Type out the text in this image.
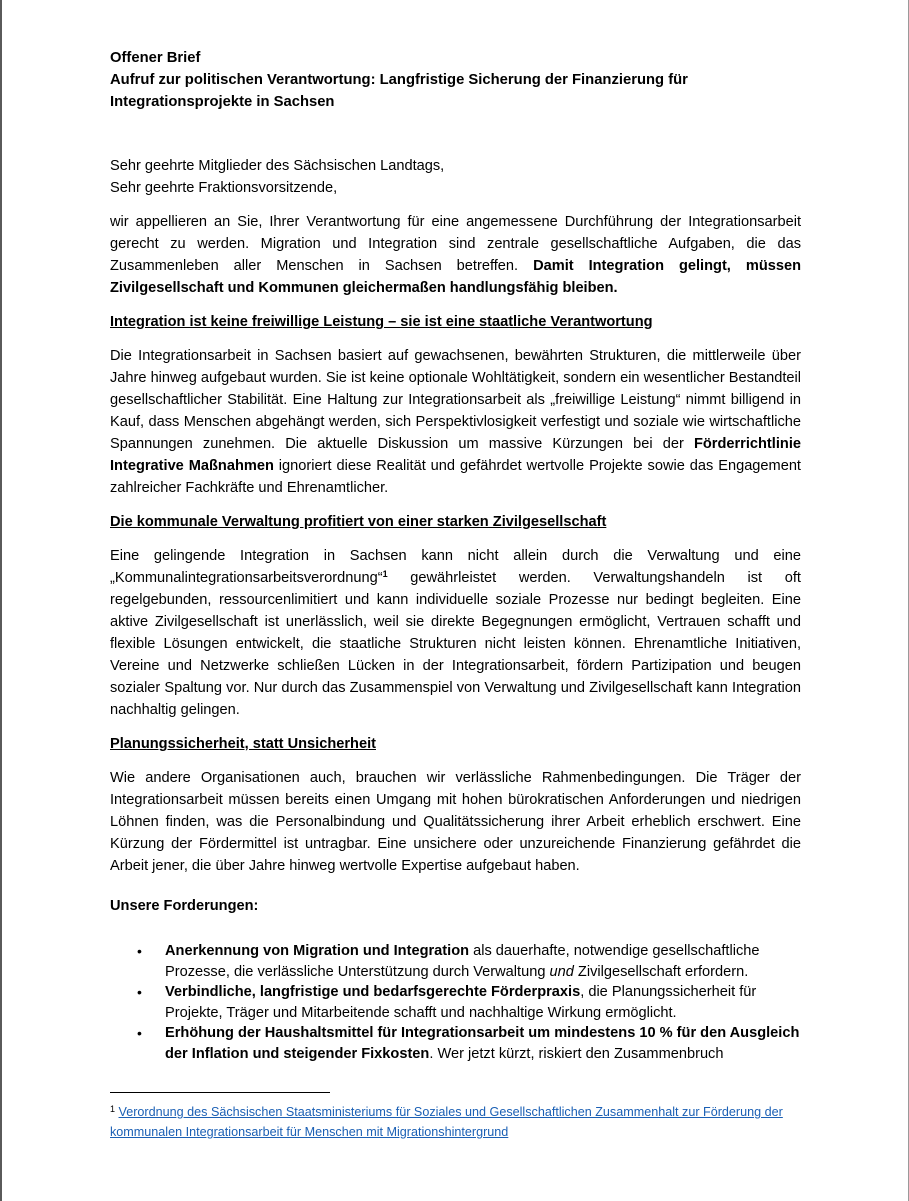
Offener Brief
Aufruf zur politischen Verantwortung: Langfristige Sicherung der Finanzierung für
Integrationsprojekte in Sachsen
Sehr geehrte Mitglieder des Sächsischen Landtags,
Sehr geehrte Fraktionsvorsitzende,

wir appellieren an Sie, Ihrer Verantwortung für eine angemessene Durchführung der Integrationsarbeit gerecht zu werden. Migration und Integration sind zentrale gesellschaftliche Aufgaben, die das Zusammenleben aller Menschen in Sachsen betreffen. Damit Integration gelingt, müssen Zivilgesellschaft und Kommunen gleichermaßen handlungsfähig bleiben.

Integration ist keine freiwillige Leistung – sie ist eine staatliche Verantwortung

Die Integrationsarbeit in Sachsen basiert auf gewachsenen, bewährten Strukturen, die mittlerweile über Jahre hinweg aufgebaut wurden. Sie ist keine optionale Wohltätigkeit, sondern ein wesentlicher Bestandteil gesellschaftlicher Stabilität. Eine Haltung zur Integrationsarbeit als „freiwillige Leistung“ nimmt billigend in Kauf, dass Menschen abgehängt werden, sich Perspektivlosigkeit verfestigt und soziale wie wirtschaftliche Spannungen zunehmen. Die aktuelle Diskussion um massive Kürzungen bei der Förderrichtlinie Integrative Maßnahmen ignoriert diese Realität und gefährdet wertvolle Projekte sowie das Engagement zahlreicher Fachkräfte und Ehrenamtlicher.

Die kommunale Verwaltung profitiert von einer starken Zivilgesellschaft

Eine gelingende Integration in Sachsen kann nicht allein durch die Verwaltung und eine „Kommunalintegrationsarbeitsverordnung“$^1$ gewährleistet werden. Verwaltungshandeln ist oft regelgebunden, ressourcenlimitiert und kann individuelle soziale Prozesse nur bedingt begleiten. Eine aktive Zivilgesellschaft ist unerlässlich, weil sie direkte Begegnungen ermöglicht, Vertrauen schafft und flexible Lösungen entwickelt, die staatliche Strukturen nicht leisten können. Ehrenamtliche Initiativen, Vereine und Netzwerke schließen Lücken in der Integrationsarbeit, fördern Partizipation und beugen sozialer Spaltung vor. Nur durch das Zusammenspiel von Verwaltung und Zivilgesellschaft kann Integration nachhaltig gelingen.

Planungssicherheit, statt Unsicherheit

Wie andere Organisationen auch, brauchen wir verlässliche Rahmenbedingungen. Die Träger der Integrationsarbeit müssen bereits einen Umgang mit hohen bürokratischen Anforderungen und niedrigen Löhnen finden, was die Personalbindung und Qualitätssicherung ihrer Arbeit erheblich erschwert. Eine Kürzung der Fördermittel ist untragbar. Eine unsichere oder unzureichende Finanzierung gefährdet die Arbeit jener, die über Jahre hinweg wertvolle Expertise aufgebaut haben.

Unsere Forderungen:
• Anerkennung von Migration und Integration als dauerhafte, notwendige gesellschaftliche Prozesse, die verlässliche Unterstützung durch Verwaltung und Zivilgesellschaft erfordern.
• Verbindliche, langfristige und bedarfsgerechte Förderpraxis, die Planungssicherheit für Projekte, Träger und Mitarbeitende schafft und nachhaltige Wirkung ermöglicht.
• Erhöhung der Haushaltsmittel für Integrationsarbeit um mindestens 10 % für den Ausgleich der Inflation und steigender Fixkosten. Wer jetzt kürzt, riskiert den Zusammenbruch
$^1$ Verordnung des Sächsischen Staatsministeriums für Soziales und Gesellschaftlichen Zusammenhalt zur Förderung der kommunalen Integrationsarbeit für Menschen mit Migrationshintergrund
